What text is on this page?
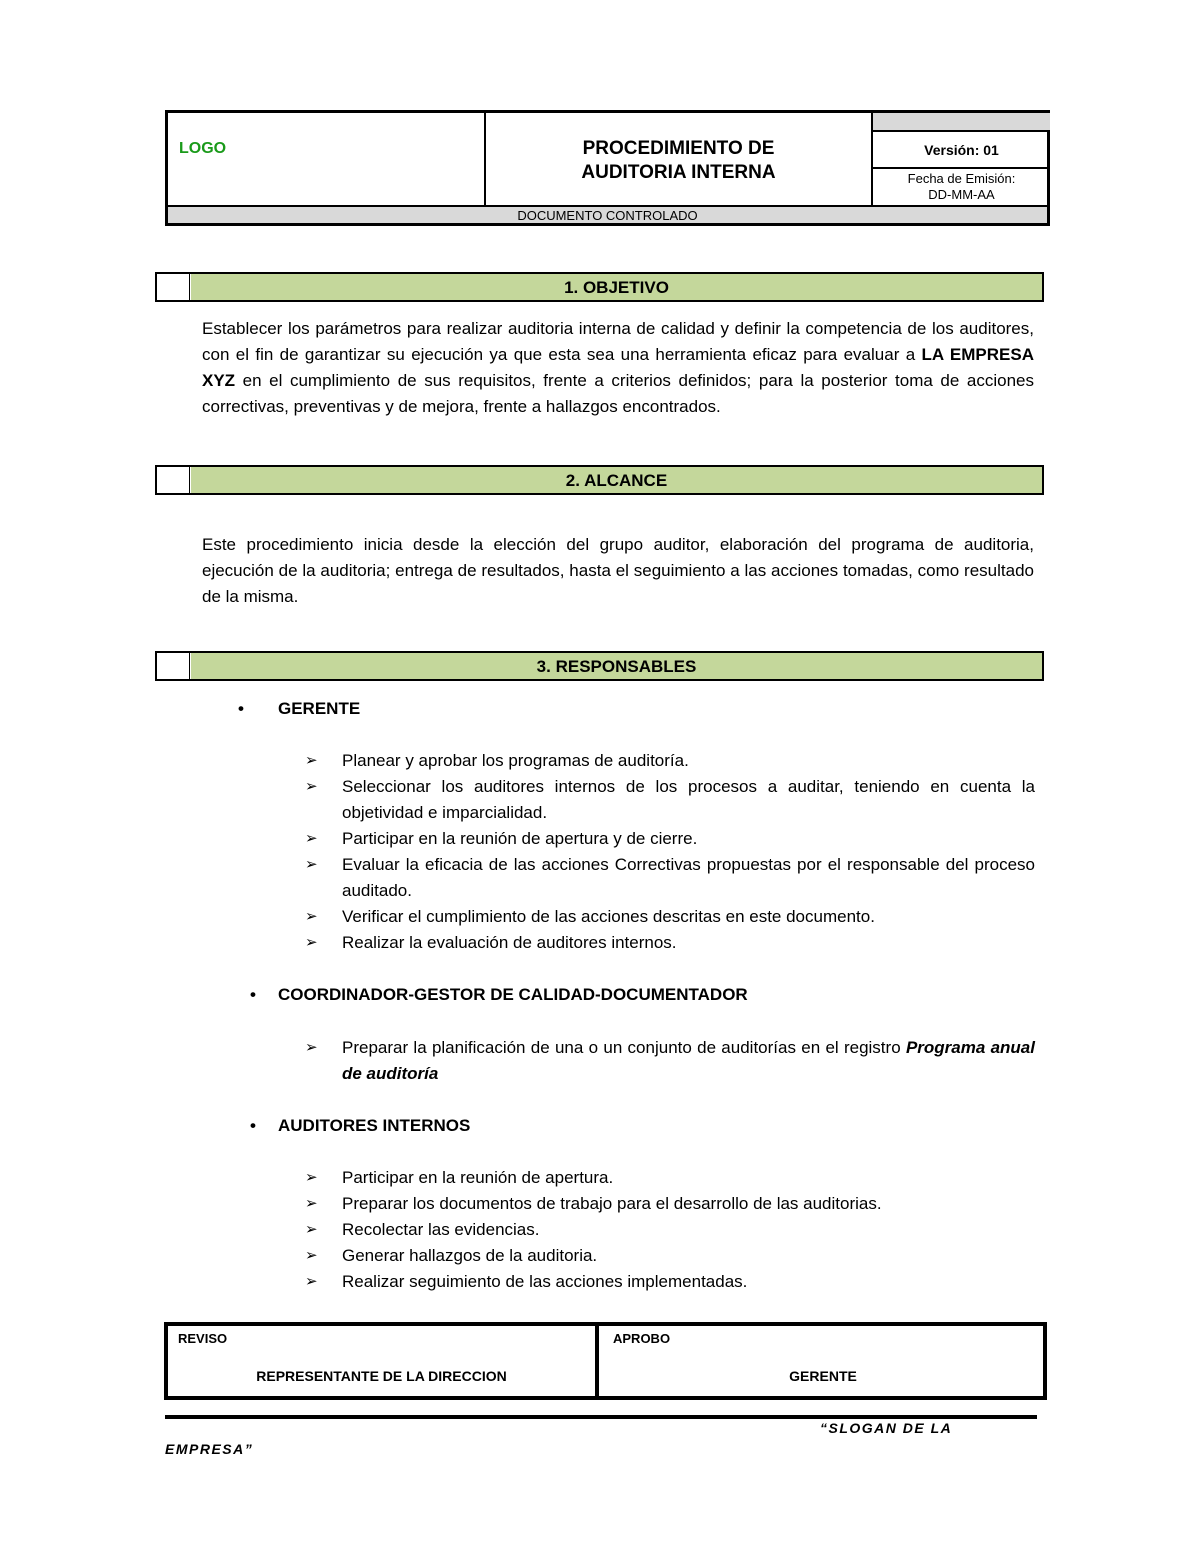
LOGO	PROCEDIMIENTO DE
AUDITORIA INTERNA
Versión: 01
Fecha de Emisión:
DD-MM-AA
DOCUMENTO CONTROLADO
1. OBJETIVO
Establecer los parámetros para realizar auditoria interna de calidad y definir la competencia de los auditores, con el fin de garantizar su ejecución ya que esta sea una herramienta eficaz para evaluar a LA EMPRESA XYZ en el cumplimiento de sus requisitos, frente a criterios definidos; para la posterior toma de acciones correctivas, preventivas y de mejora, frente a hallazgos encontrados.
2. ALCANCE
Este procedimiento inicia desde la elección del grupo auditor, elaboración del programa de auditoria, ejecución de la auditoria; entrega de resultados, hasta el seguimiento a las acciones tomadas, como resultado de la misma.
3. RESPONSABLES
• GERENTE
➢ Planear y aprobar los programas de auditoría.
➢ Seleccionar los auditores internos de los procesos a auditar, teniendo en cuenta la objetividad e imparcialidad.
➢ Participar en la reunión de apertura y de cierre.
➢ Evaluar la eficacia de las acciones Correctivas propuestas por el responsable del proceso auditado.
➢ Verificar el cumplimiento de las acciones descritas en este documento.
➢ Realizar la evaluación de auditores internos.
• COORDINADOR-GESTOR DE CALIDAD-DOCUMENTADOR
➢ Preparar la planificación de una o un conjunto de auditorías en el registro Programa anual de auditoría
• AUDITORES INTERNOS
➢ Participar en la reunión de apertura.
➢ Preparar los documentos de trabajo para el desarrollo de las auditorias.
➢ Recolectar las evidencias.
➢ Generar hallazgos de la auditoria.
➢ Realizar seguimiento de las acciones implementadas.
REVISO
REPRESENTANTE DE LA DIRECCION
APROBO
GERENTE
“SLOGAN DE LA
EMPRESA”
